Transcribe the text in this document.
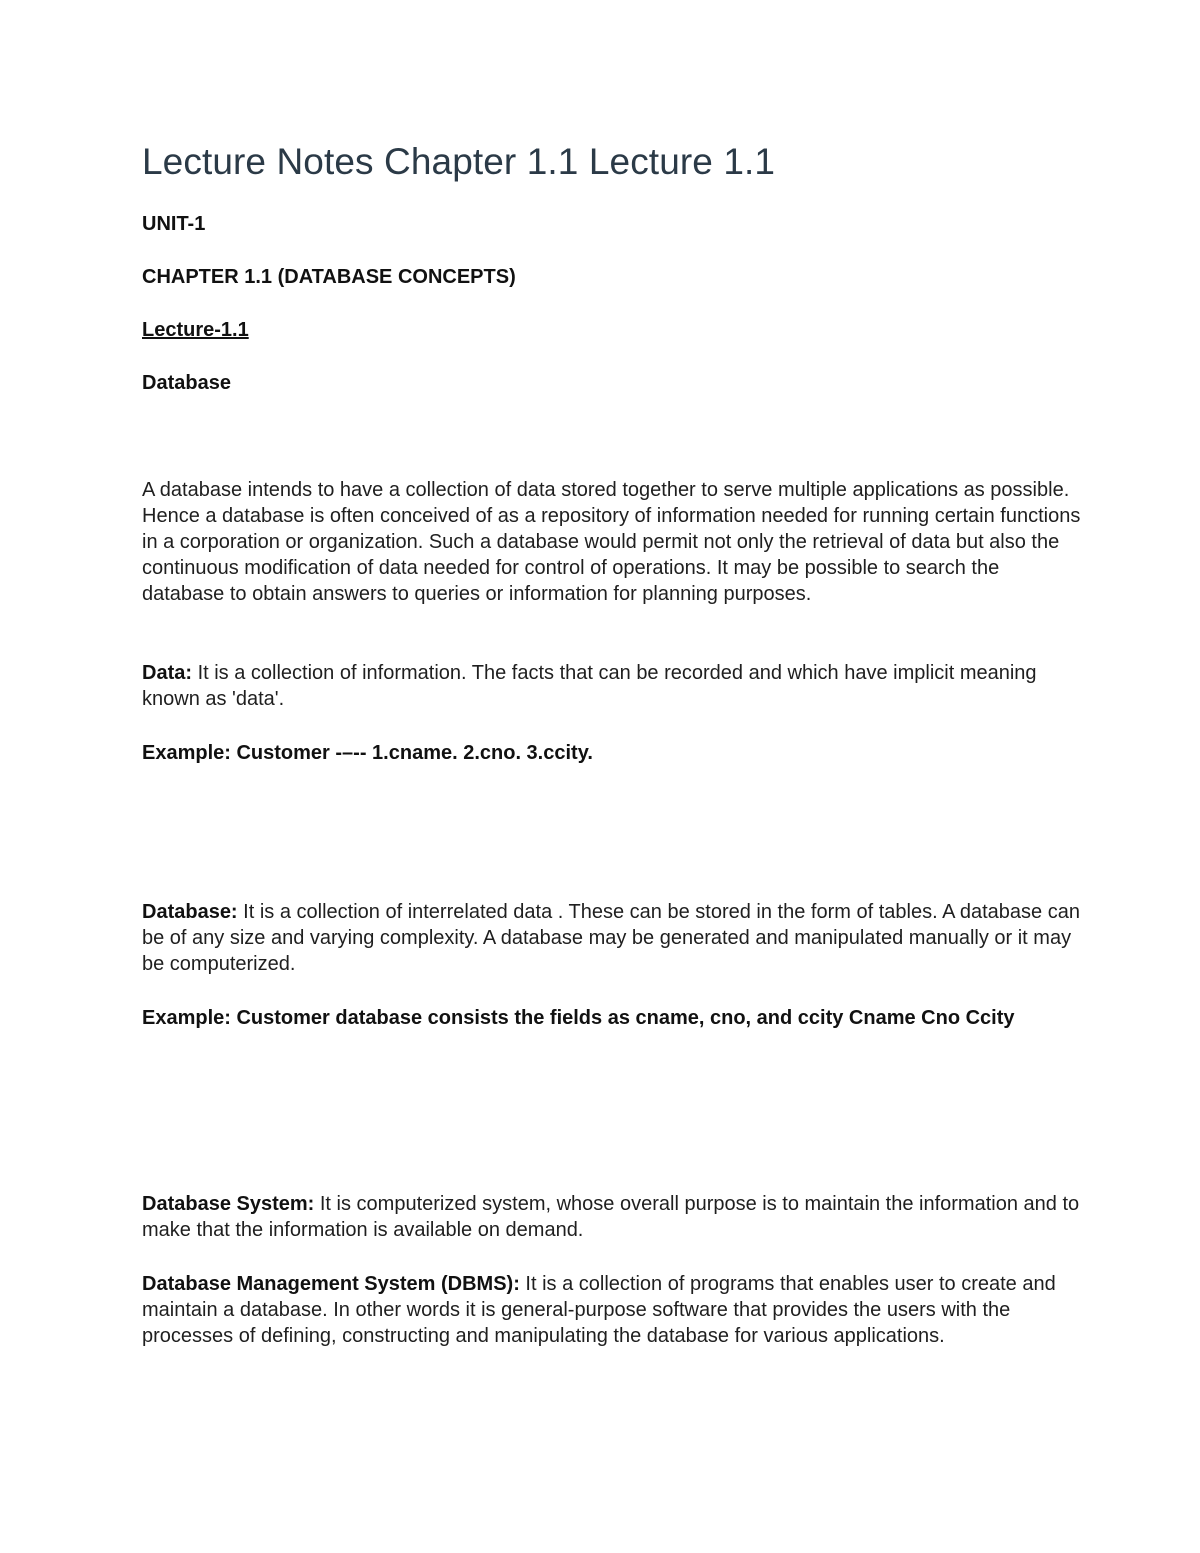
Lecture Notes Chapter 1.1 Lecture 1.1

UNIT-1

CHAPTER 1.1 (DATABASE CONCEPTS)

Lecture-1.1

Database

A database intends to have a collection of data stored together to serve multiple applications as possible. Hence a database is often conceived of as a repository of information needed for running certain functions in a corporation or organization. Such a database would permit not only the retrieval of data but also the continuous modification of data needed for control of operations. It may be possible to search the database to obtain answers to queries or information for planning purposes.

Data: It is a collection of information. The facts that can be recorded and which have implicit meaning known as 'data'.

Example: Customer -–-- 1.cname. 2.cno. 3.ccity.

Database: It is a collection of interrelated data . These can be stored in the form of tables. A database can be of any size and varying complexity. A database may be generated and manipulated manually or it may be computerized.

Example: Customer database consists the fields as cname, cno, and ccity Cname Cno Ccity

Database System: It is computerized system, whose overall purpose is to maintain the information and to make that the information is available on demand.

Database Management System (DBMS): It is a collection of programs that enables user to create and maintain a database. In other words it is general-purpose software that provides the users with the processes of defining, constructing and manipulating the database for various applications.
